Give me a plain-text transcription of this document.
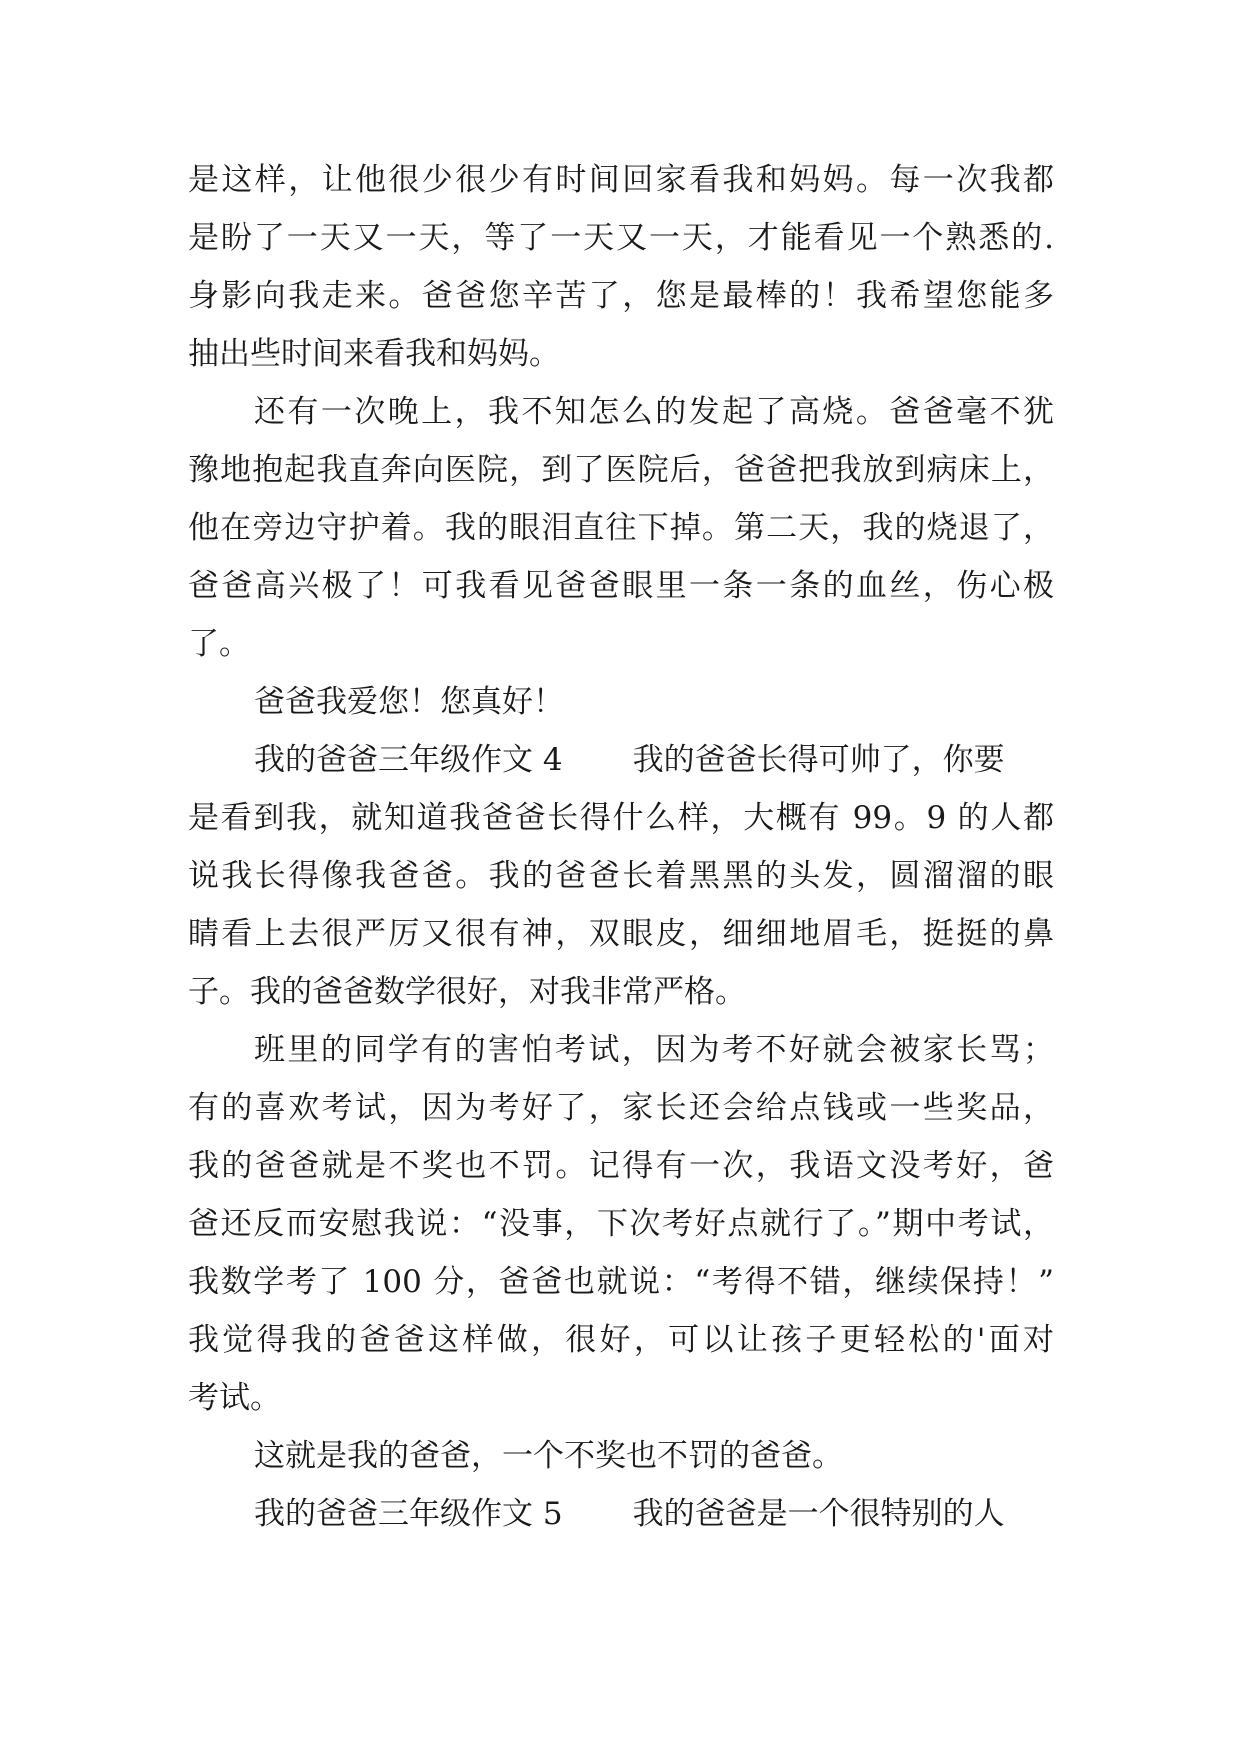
是这样，让他很少很少有时间回家看我和妈妈。每一次我都
是盼了一天又一天，等了一天又一天，才能看见一个熟悉的.
身影向我走来。爸爸您辛苦了，您是最棒的！我希望您能多
抽出些时间来看我和妈妈。
还有一次晚上，我不知怎么的发起了高烧。爸爸毫不犹
豫地抱起我直奔向医院，到了医院后，爸爸把我放到病床上，
他在旁边守护着。我的眼泪直往下掉。第二天，我的烧退了，
爸爸高兴极了！可我看见爸爸眼里一条一条的血丝，伤心极
了。
爸爸我爱您！您真好！
我的爸爸三年级作文 4 我的爸爸长得可帅了，你要
是看到我，就知道我爸爸长得什么样，大概有 99。9 的人都
说我长得像我爸爸。我的爸爸长着黑黑的头发，圆溜溜的眼
睛看上去很严厉又很有神，双眼皮，细细地眉毛，挺挺的鼻
子。我的爸爸数学很好，对我非常严格。
班里的同学有的害怕考试，因为考不好就会被家长骂；
有的喜欢考试，因为考好了，家长还会给点钱或一些奖品，
我的爸爸就是不奖也不罚。记得有一次，我语文没考好，爸
爸还反而安慰我说：“没事，下次考好点就行了。”期中考试，
我数学考了 100 分，爸爸也就说：“考得不错，继续保持！”
我觉得我的爸爸这样做，很好，可以让孩子更轻松的'面对
考试。
这就是我的爸爸，一个不奖也不罚的爸爸。
我的爸爸三年级作文 5 我的爸爸是一个很特别的人
